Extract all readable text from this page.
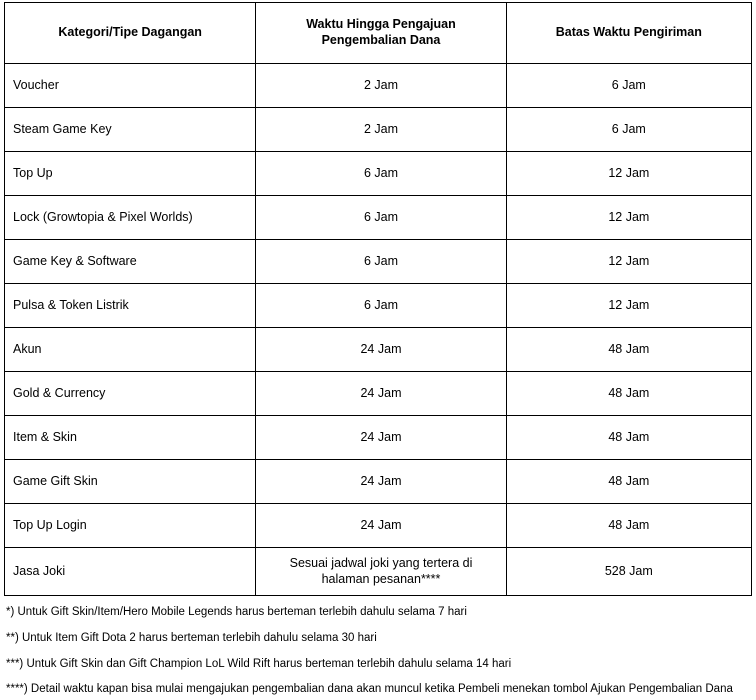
Kategori/Tipe Dagangan	Waktu Hingga Pengajuan Pengembalian Dana	Batas Waktu Pengiriman
Voucher	2 Jam	6 Jam
Steam Game Key	2 Jam	6 Jam
Top Up	6 Jam	12 Jam
Lock (Growtopia & Pixel Worlds)	6 Jam	12 Jam
Game Key & Software	6 Jam	12 Jam
Pulsa & Token Listrik	6 Jam	12 Jam
Akun	24 Jam	48 Jam
Gold & Currency	24 Jam	48 Jam
Item & Skin	24 Jam	48 Jam
Game Gift Skin	24 Jam	48 Jam
Top Up Login	24 Jam	48 Jam
Jasa Joki	Sesuai jadwal joki yang tertera di halaman pesanan****	528 Jam

*) Untuk Gift Skin/Item/Hero Mobile Legends harus berteman terlebih dahulu selama 7 hari

**) Untuk Item Gift Dota 2 harus berteman terlebih dahulu selama 30 hari

***) Untuk Gift Skin dan Gift Champion LoL Wild Rift harus berteman terlebih dahulu selama 14 hari

****) Detail waktu kapan bisa mulai mengajukan pengembalian dana akan muncul ketika Pembeli menekan tombol Ajukan Pengembalian Dana
